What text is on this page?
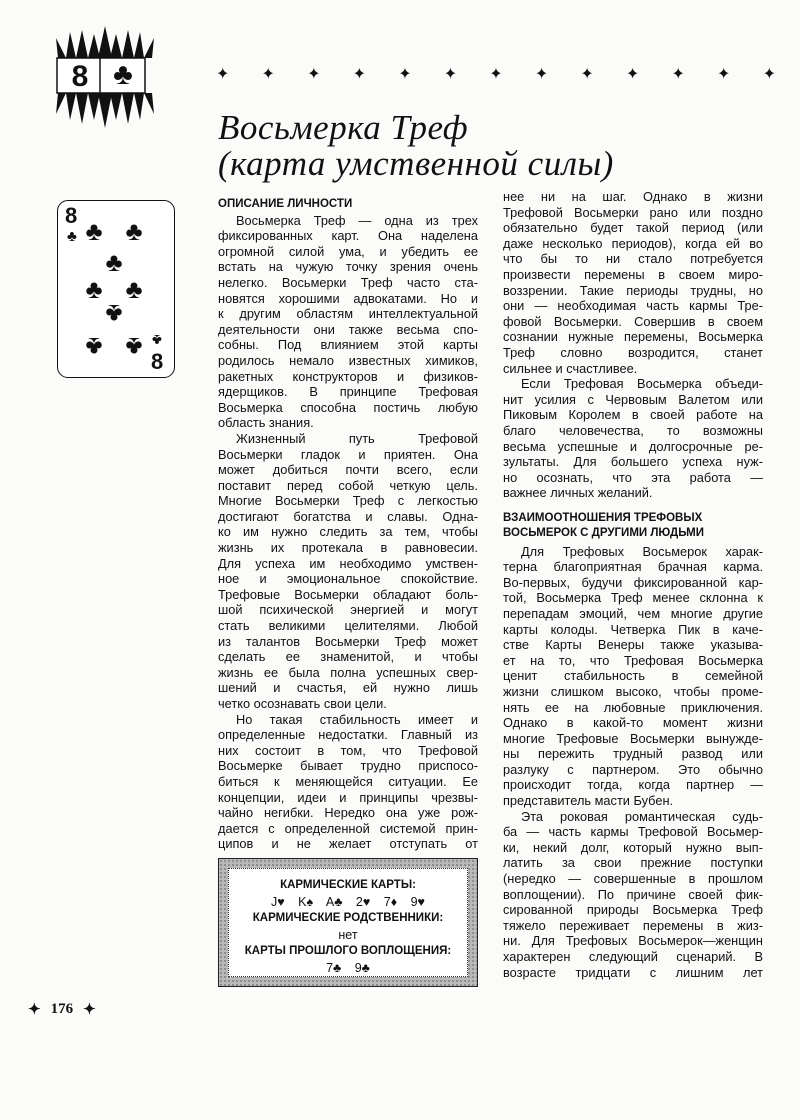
8 ♣	✦ ✦ ✦ ✦ ✦ ✦ ✦ ✦ ✦ ✦ ✦ ✦ ✦
Восьмерка Треф
(карта умственной силы)
8
♣ ♣ ♣
♣
♣ ♣
♣
♣ ♣ ♣
8
ОПИСАНИЕ ЛИЧНОСТИ
Восьмерка Треф — одна из трех
фиксированных карт. Она наделена
огромной силой ума, и убедить ее
встать на чужую точку зрения очень
нелегко. Восьмерки Треф часто ста-
новятся хорошими адвокатами. Но и
к другим областям интеллектуальной
деятельности они также весьма спо-
собны. Под влиянием этой карты
родилось немало известных химиков,
ракетных конструкторов и физиков-
ядерщиков. В принципе Трефовая
Восьмерка способна постичь любую
область знания.
Жизненный путь Трефовой
Восьмерки гладок и приятен. Она
может добиться почти всего, если
поставит перед собой четкую цель.
Многие Восьмерки Треф с легкостью
достигают богатства и славы. Одна-
ко им нужно следить за тем, чтобы
жизнь их протекала в равновесии.
Для успеха им необходимо умствен-
ное и эмоциональное спокойствие.
Трефовые Восьмерки обладают боль-
шой психической энергией и могут
стать великими целителями. Любой
из талантов Восьмерки Треф может
сделать ее знаменитой, и чтобы
жизнь ее была полна успешных свер-
шений и счастья, ей нужно лишь
четко осознавать свои цели.
Но такая стабильность имеет и
определенные недостатки. Главный из
них состоит в том, что Трефовой
Восьмерке бывает трудно приспосо-
биться к меняющейся ситуации. Ее
концепции, идеи и принципы чрезвы-
чайно негибки. Нередко она уже рож-
дается с определенной системой прин-
ципов и не желает отступать от
нее ни на шаг. Однако в жизни
Трефовой Восьмерки рано или поздно
обязательно будет такой период (или
даже несколько периодов), когда ей во
что бы то ни стало потребуется
произвести перемены в своем миро-
воззрении. Такие периоды трудны, но
они — необходимая часть кармы Тре-
фовой Восьмерки. Совершив в своем
сознании нужные перемены, Восьмерка
Треф словно возродится, станет
сильнее и счастливее.
Если Трефовая Восьмерка объеди-
нит усилия с Червовым Валетом или
Пиковым Королем в своей работе на
благо человечества, то возможны
весьма успешные и долгосрочные ре-
зультаты. Для большего успеха нуж-
но осознать, что эта работа —
важнее личных желаний.
ВЗАИМООТНОШЕНИЯ ТРЕФОВЫХ
ВОСЬМЕРОК С ДРУГИМИ ЛЮДЬМИ
Для Трефовых Восьмерок харак-
терна благоприятная брачная карма.
Во-первых, будучи фиксированной кар-
той, Восьмерка Треф менее склонна к
перепадам эмоций, чем многие другие
карты колоды. Четверка Пик в каче-
стве Карты Венеры также указыва-
ет на то, что Трефовая Восьмерка
ценит стабильность в семейной
жизни слишком высоко, чтобы проме-
нять ее на любовные приключения.
Однако в какой-то момент жизни
многие Трефовые Восьмерки вынужде-
ны пережить трудный развод или
разлуку с партнером. Это обычно
происходит тогда, когда партнер —
представитель масти Бубен.
Эта роковая романтическая судь-
ба — часть кармы Трефовой Восьмер-
ки, некий долг, который нужно вып-
латить за свои прежние поступки
(нередко — совершенные в прошлом
воплощении). По причине своей фик-
сированной природы Восьмерка Треф
тяжело переживает перемены в жиз-
ни. Для Трефовых Восьмерок—женщин
характерен следующий сценарий. В
возрасте тридцати с лишним лет
КАРМИЧЕСКИЕ КАРТЫ:
J♥ K♠ A♣ 2♥ 7♦ 9♥
КАРМИЧЕСКИЕ РОДСТВЕННИКИ:
нет
КАРТЫ ПРОШЛОГО ВОПЛОЩЕНИЯ:
7♣ 9♣
✦ 176 ✦
